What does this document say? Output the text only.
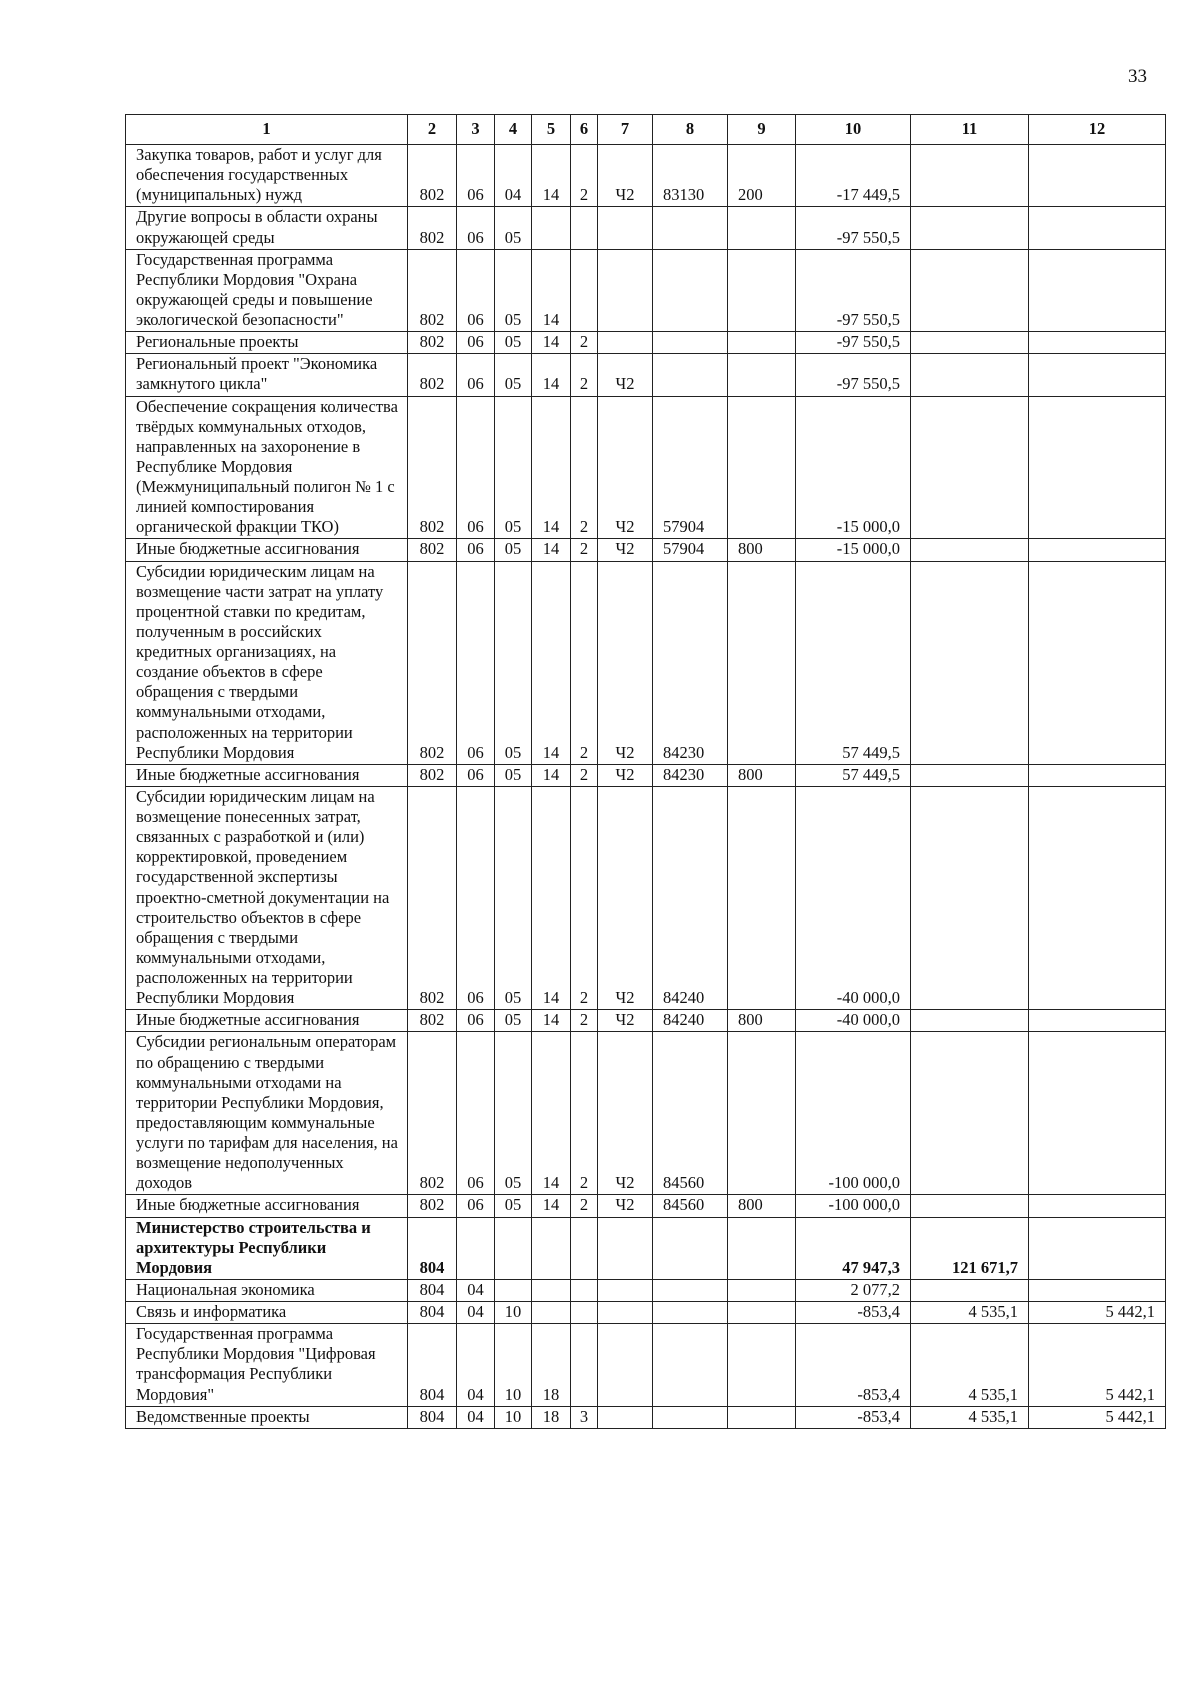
33
1	2	3	4	5	6	7	8	9	10	11	12
Закупка товаров, работ и услуг для обеспечения государственных (муниципальных) нужд	802	06	04	14	2	Ч2	83130	200	-17 449,5		
Другие вопросы в области охраны окружающей среды	802	06	05						-97 550,5		
Государственная программа Республики Мордовия "Охрана окружающей среды и повышение экологической безопасности"	802	06	05	14					-97 550,5		
Региональные проекты	802	06	05	14	2				-97 550,5		
Региональный проект "Экономика замкнутого цикла"	802	06	05	14	2	Ч2			-97 550,5		
Обеспечение сокращения количества твёрдых коммунальных отходов, направленных на захоронение в Республике Мордовия (Межмуниципальный полигон № 1 с линией компостирования органической фракции ТКО)	802	06	05	14	2	Ч2	57904		-15 000,0		
Иные бюджетные ассигнования	802	06	05	14	2	Ч2	57904	800	-15 000,0		
Субсидии юридическим лицам на возмещение части затрат на уплату процентной ставки по кредитам, полученным в российских кредитных организациях, на создание объектов в сфере обращения с твердыми коммунальными отходами, расположенных на территории Республики Мордовия	802	06	05	14	2	Ч2	84230		57 449,5		
Иные бюджетные ассигнования	802	06	05	14	2	Ч2	84230	800	57 449,5		
Субсидии юридическим лицам на возмещение понесенных затрат, связанных с разработкой и (или) корректировкой, проведением государственной экспертизы проектно-сметной документации на строительство объектов в сфере обращения с твердыми коммунальными отходами, расположенных на территории Республики Мордовия	802	06	05	14	2	Ч2	84240		-40 000,0		
Иные бюджетные ассигнования	802	06	05	14	2	Ч2	84240	800	-40 000,0		
Субсидии региональным операторам по обращению с твердыми коммунальными отходами на территории Республики Мордовия, предоставляющим коммунальные услуги по тарифам для населения, на возмещение недополученных доходов	802	06	05	14	2	Ч2	84560		-100 000,0		
Иные бюджетные ассигнования	802	06	05	14	2	Ч2	84560	800	-100 000,0		
Министерство строительства и архитектуры Республики Мордовия	804								47 947,3	121 671,7	
Национальная экономика	804	04							2 077,2		
Связь и информатика	804	04	10						-853,4	4 535,1	5 442,1
Государственная программа Республики Мордовия "Цифровая трансформация Республики Мордовия"	804	04	10	18					-853,4	4 535,1	5 442,1
Ведомственные проекты	804	04	10	18	3				-853,4	4 535,1	5 442,1
